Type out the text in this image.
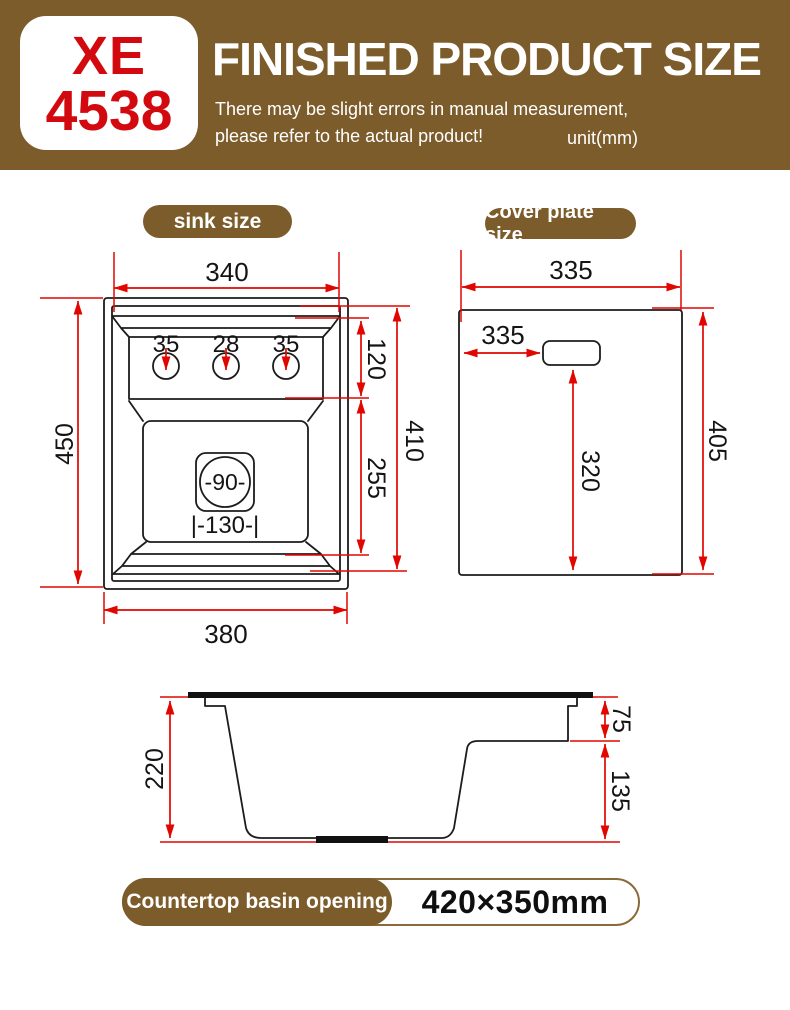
XE
4538
FINISHED PRODUCT SIZE
There may be slight errors in manual measurement,
please refer to the actual product!	unit(mm)
sink size	Cover plate size
35 28 35
-90-
|-130-|
340
380
450
120
255
410
335
335
320
405
220
75
135
Countertop basin opening	420×350mm
